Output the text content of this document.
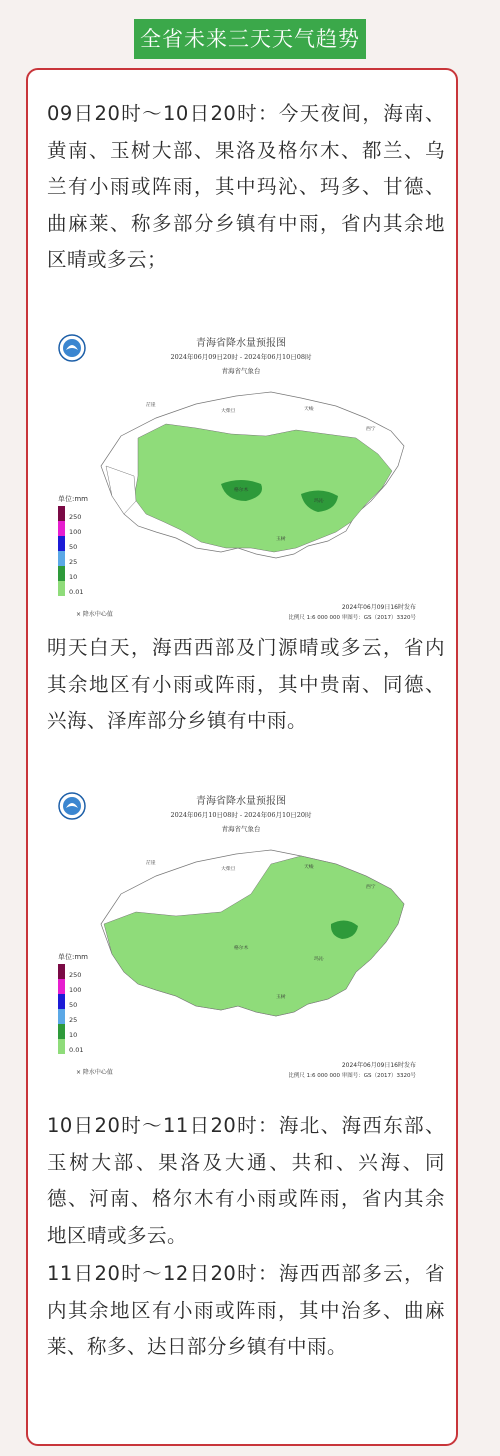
全省未来三天天气趋势

09日20时～10日20时：今天夜间，海南、黄南、玉树大部、果洛及格尔木、都兰、乌兰有小雨或阵雨，其中玛沁、玛多、甘德、曲麻莱、称多部分乡镇有中雨，省内其余地区晴或多云；

青海省降水量预报图
2024年06月09日20时 - 2024年06月10日08时
青海省气象台
茫崖
大柴旦	天峻
西宁
格尔木
玛沁
玉树
单位:mm
250
100
50
25
10
0.01
× 降水中心值
2024年06月09日16时发布
比例尺 1:6 000 000 审图号：GS（2017）3320号

明天白天，海西西部及门源晴或多云，省内其余地区有小雨或阵雨，其中贵南、同德、兴海、泽库部分乡镇有中雨。

青海省降水量预报图
2024年06月10日08时 - 2024年06月10日20时
青海省气象台
茫崖
大柴旦	天峻
西宁
格尔木
玛沁
玉树
单位:mm
250
100
50
25
10
0.01
× 降水中心值
2024年06月09日16时发布
比例尺 1:6 000 000 审图号：GS（2017）3320号

10日20时～11日20时：海北、海西东部、玉树大部、果洛及大通、共和、兴海、同德、河南、格尔木有小雨或阵雨，省内其余地区晴或多云。

11日20时～12日20时：海西西部多云，省内其余地区有小雨或阵雨，其中治多、曲麻莱、称多、达日部分乡镇有中雨。
